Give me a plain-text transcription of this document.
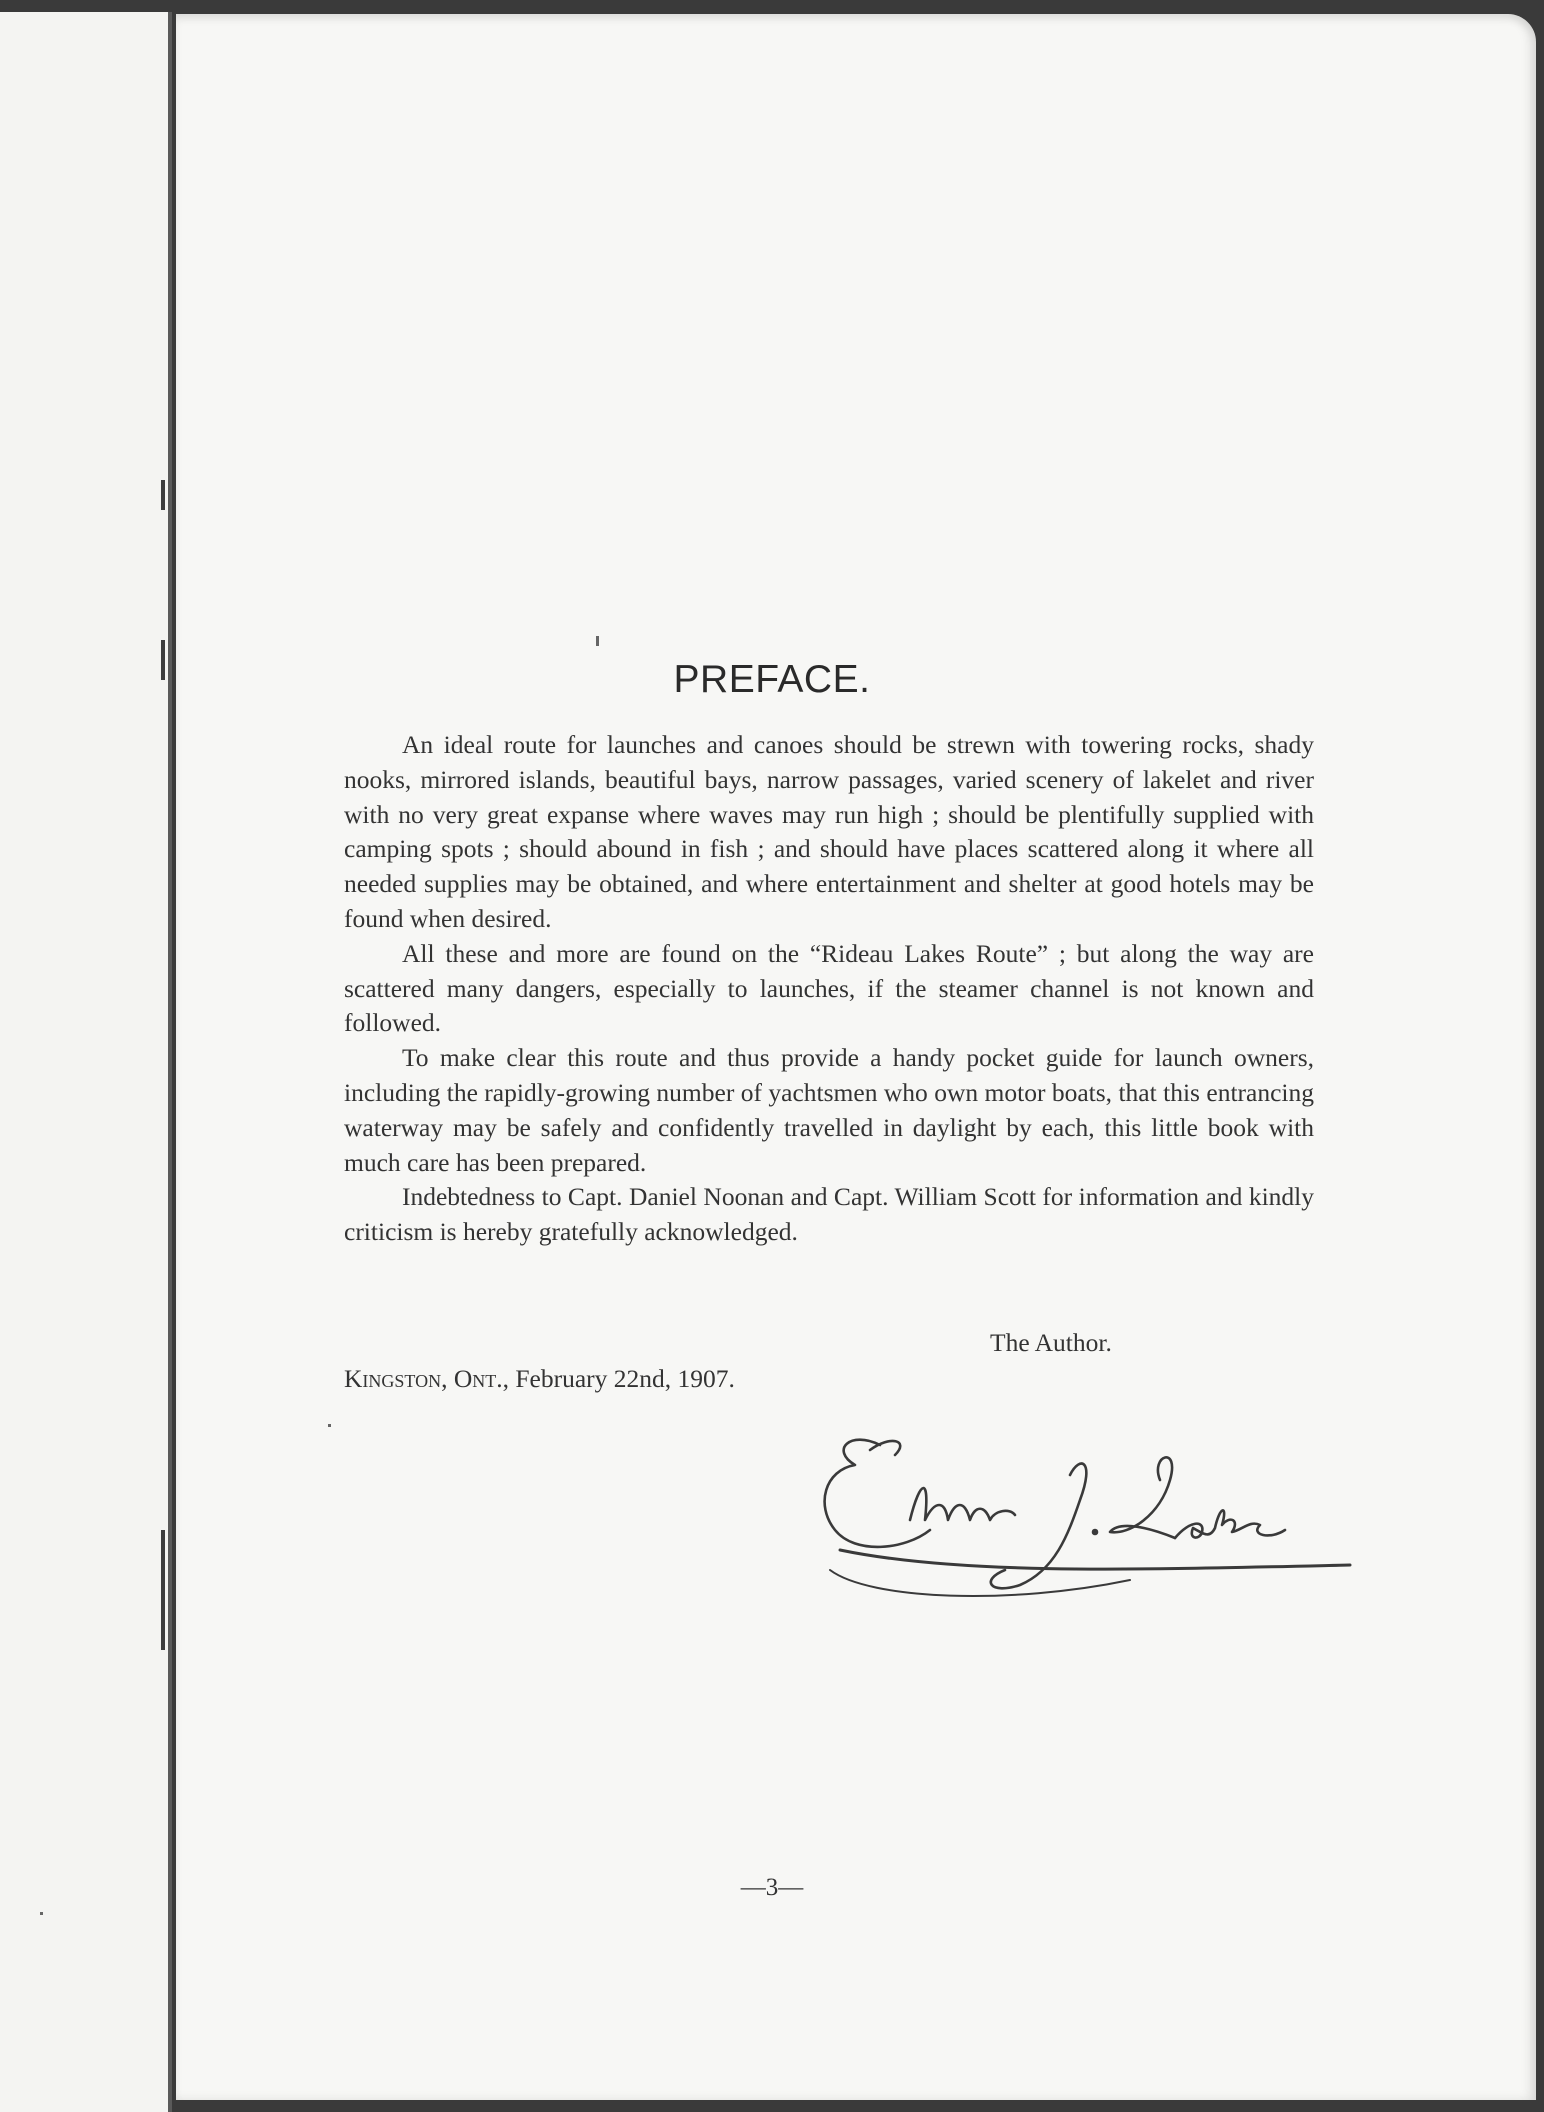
PREFACE.

An ideal route for launches and canoes should be strewn with towering rocks, shady nooks, mirrored islands, beautiful bays, narrow passages, varied scenery of lakelet and river with no very great expanse where waves may run high ; should be plentifully supplied with camping spots ; should abound in fish ; and should have places scattered along it where all needed supplies may be obtained, and where entertainment and shelter at good hotels may be found when desired.

All these and more are found on the “Rideau Lakes Route” ; but along the way are scattered many dangers, especially to launches, if the steamer channel is not known and followed.

To make clear this route and thus provide a handy pocket guide for launch owners, including the rapidly-growing number of yachtsmen who own motor boats, that this entrancing waterway may be safely and confidently travelled in daylight by each, this little book with much care has been prepared.

Indebtedness to Capt. Daniel Noonan and Capt. William Scott for information and kindly criticism is hereby gratefully acknowledged.

The Author.
Kingston, Ont., February 22nd, 1907.
—3—
